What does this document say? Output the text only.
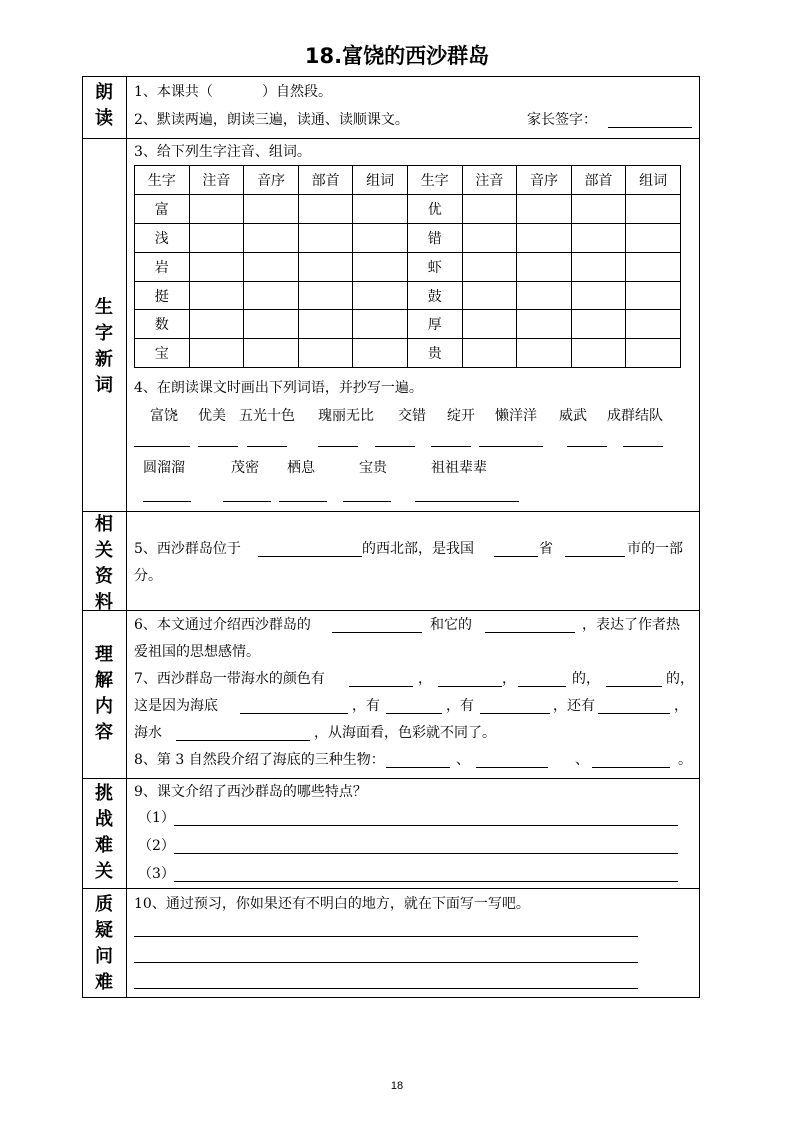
18.富饶的西沙群岛
朗
读
1、本课共（	）自然段。
2、默读两遍，朗读三遍，读通、读顺课文。	家长签字：
生
字
新
词
3、给下列生字注音、组词。
生字	注音	音序	部首	组词	生字	注音	音序	部首	组词
富					优				
浅					错				
岩					虾				
挺					鼓				
数					厚				
宝					贵				
4、在朗读课文时画出下列词语，并抄写一遍。
富饶 优美 五光十色 瑰丽无比 交错 绽开 懒洋洋 威武 成群结队
圆溜溜	茂密 栖息	宝贵	祖祖辈辈
相
关
资
料
5、西沙群岛位于	的西北部，是我国	省	市的一部
分。
理
解
内
容
6、本文通过介绍西沙群岛的	和它的	，表达了作者热
爱祖国的思想感情。
7、西沙群岛一带海水的颜色有	，	，	的，	的，
这是因为海底	，有	，有	，还有	，
海水	，从海面看，色彩就不同了。
8、第 3 自然段介绍了海底的三种生物：	、	、	。
挑
战
难
关
9、课文介绍了西沙群岛的哪些特点？
（1）
（2）
（3）
质
疑
问
难
10、通过预习，你如果还有不明白的地方，就在下面写一写吧。
18
